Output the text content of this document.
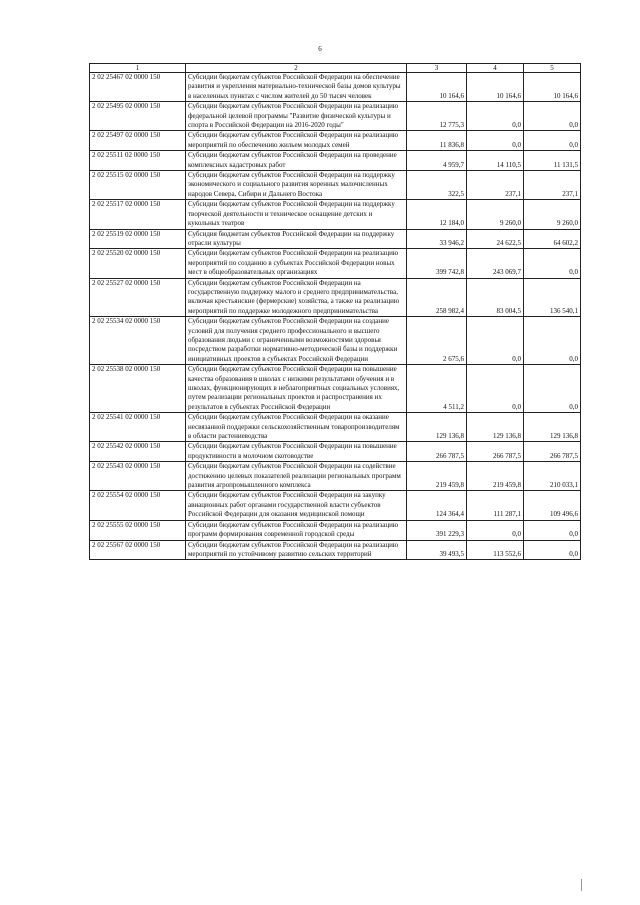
6
1	2	3	4	5
2 02 25467 02 0000 150	Субсидии бюджетам субъектов Российской Федерации на обеспечение развития и укрепления материально-технической базы домов культуры в населенных пунктах с числом жителей до 50 тысяч человек	10 164,6	10 164,6	10 164,6
2 02 25495 02 0000 150	Субсидии бюджетам субъектов Российской Федерации на реализацию федеральной целевой программы "Развитие физической культуры и спорта в Российской Федерации на 2016-2020 годы"	12 775,3	0,0	0,0
2 02 25497 02 0000 150	Субсидии бюджетам субъектов Российской Федерации на реализацию мероприятий по обеспечению жильем молодых семей	11 836,8	0,0	0,0
2 02 25511 02 0000 150	Субсидии бюджетам субъектов Российской Федерации на проведение комплексных кадастровых работ	4 959,7	14 110,5	11 131,5
2 02 25515 02 0000 150	Субсидии бюджетам субъектов Российской Федерации на поддержку экономического и социального развития коренных малочисленных народов Севера, Сибири и Дальнего Востока	322,5	237,1	237,1
2 02 25517 02 0000 150	Субсидии бюджетам субъектов Российской Федерации на поддержку творческой деятельности и техническое оснащение детских и кукольных театров	12 184,0	9 260,0	9 260,0
2 02 25519 02 0000 150	Субсидия бюджетам субъектов Российской Федерации на поддержку отрасли культуры	33 946,2	24 622,5	64 602,2
2 02 25520 02 0000 150	Субсидии бюджетам субъектов Российской Федерации на реализацию мероприятий по созданию в субъектах Российской Федерации новых мест в общеобразовательных организациях	399 742,8	243 069,7	0,0
2 02 25527 02 0000 150	Субсидии бюджетам субъектов Российской Федерации на государственную поддержку малого и среднего предпринимательства, включая крестьянские (фермерские) хозяйства, а также на реализацию мероприятий по поддержке молодежного предпринимательства	258 982,4	83 004,5	136 540,1
2 02 25534 02 0000 150	Субсидии бюджетам субъектов Российской Федерации на создание условий для получения среднего профессионального и высшего образования людьми с ограниченными возможностями здоровья посредством разработки нормативно-методической базы и поддержки инициативных проектов в субъектах Российской Федерации	2 675,6	0,0	0,0
2 02 25538 02 0000 150	Субсидии бюджетам субъектов Российской Федерации на повышение качества образования в школах с низкими результатами обучения и в школах, функционирующих в неблагоприятных социальных условиях, путем реализации региональных проектов и распространения их результатов в субъектах Российской Федерации	4 511,2	0,0	0,0
2 02 25541 02 0000 150	Субсидии бюджетам субъектов Российской Федерации на оказание несвязанной поддержки сельскохозяйственным товаропроизводителям в области растениеводства	129 136,8	129 136,8	129 136,8
2 02 25542 02 0000 150	Субсидии бюджетам субъектов Российской Федерации на повышение продуктивности в молочном скотоводстве	266 787,5	266 787,5	266 787,5
2 02 25543 02 0000 150	Субсидии бюджетам субъектов Российской Федерации на содействие достижению целевых показателей реализации региональных программ развития агропромышленного комплекса	219 459,8	219 459,8	210 033,1
2 02 25554 02 0000 150	Субсидии бюджетам субъектов Российской Федерации на закупку авиационных работ органами государственной власти субъектов Российской Федерации для оказания медицинской помощи	124 364,4	111 287,1	109 496,6
2 02 25555 02 0000 150	Субсидии бюджетам субъектов Российской Федерации на реализацию программ формирования современной городской среды	391 229,3	0,0	0,0
2 02 25567 02 0000 150	Субсидии бюджетам субъектов Российской Федерации на реализацию мероприятий по устойчивому развитию сельских территорий	39 493,5	113 552,6	0,0
